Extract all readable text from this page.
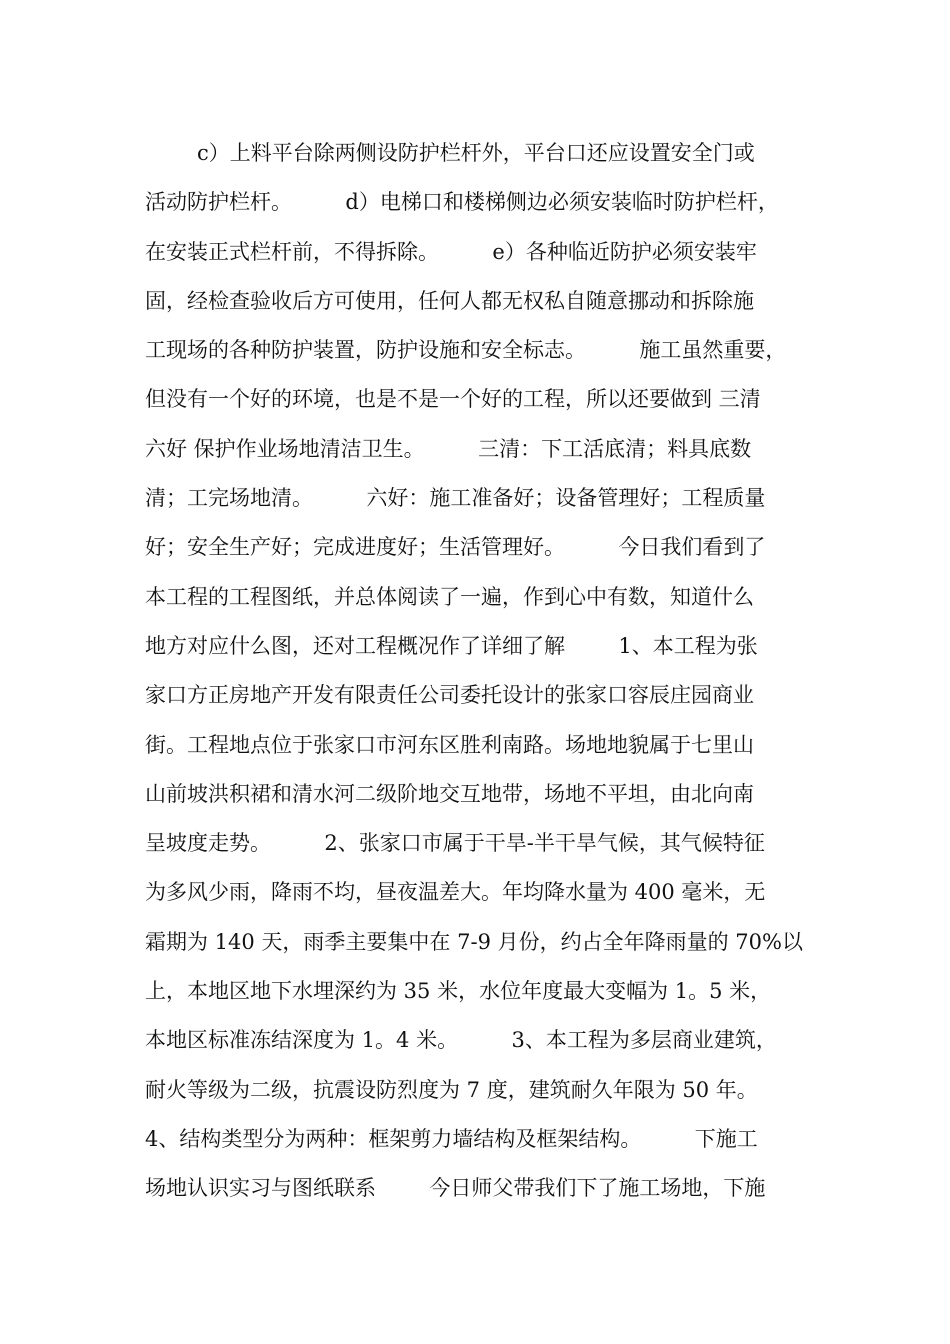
c）上料平台除两侧设防护栏杆外，平台口还应设置安全门或
活动防护栏杆。        d）电梯口和楼梯侧边必须安装临时防护栏杆，
在安装正式栏杆前，不得拆除。        e）各种临近防护必须安装牢
固，经检查验收后方可使用，任何人都无权私自随意挪动和拆除施
工现场的各种防护装置，防护设施和安全标志。        施工虽然重要，
但没有一个好的环境，也是不是一个好的工程，所以还要做到 三清
六好 保护作业场地清洁卫生。        三清：下工活底清；料具底数
清；工完场地清。        六好：施工准备好；设备管理好；工程质量
好；安全生产好；完成进度好；生活管理好。        今日我们看到了
本工程的工程图纸，并总体阅读了一遍，作到心中有数，知道什么
地方对应什么图，还对工程概况作了详细了解        1、本工程为张
家口方正房地产开发有限责任公司委托设计的张家口容辰庄园商业
街。工程地点位于张家口市河东区胜利南路。场地地貌属于七里山
山前坡洪积裙和清水河二级阶地交互地带，场地不平坦，由北向南
呈坡度走势。        2、张家口市属于干旱-半干旱气候，其气候特征
为多风少雨，降雨不均，昼夜温差大。年均降水量为 400 毫米，无
霜期为 140 天，雨季主要集中在 7-9 月份，约占全年降雨量的 70%以
上，本地区地下水埋深约为 35 米，水位年度最大变幅为 1。5 米，
本地区标准冻结深度为 1。4 米。        3、本工程为多层商业建筑，
耐火等级为二级，抗震设防烈度为 7 度，建筑耐久年限为 50 年。
4、结构类型分为两种：框架剪力墙结构及框架结构。        下施工
场地认识实习与图纸联系        今日师父带我们下了施工场地，下施
